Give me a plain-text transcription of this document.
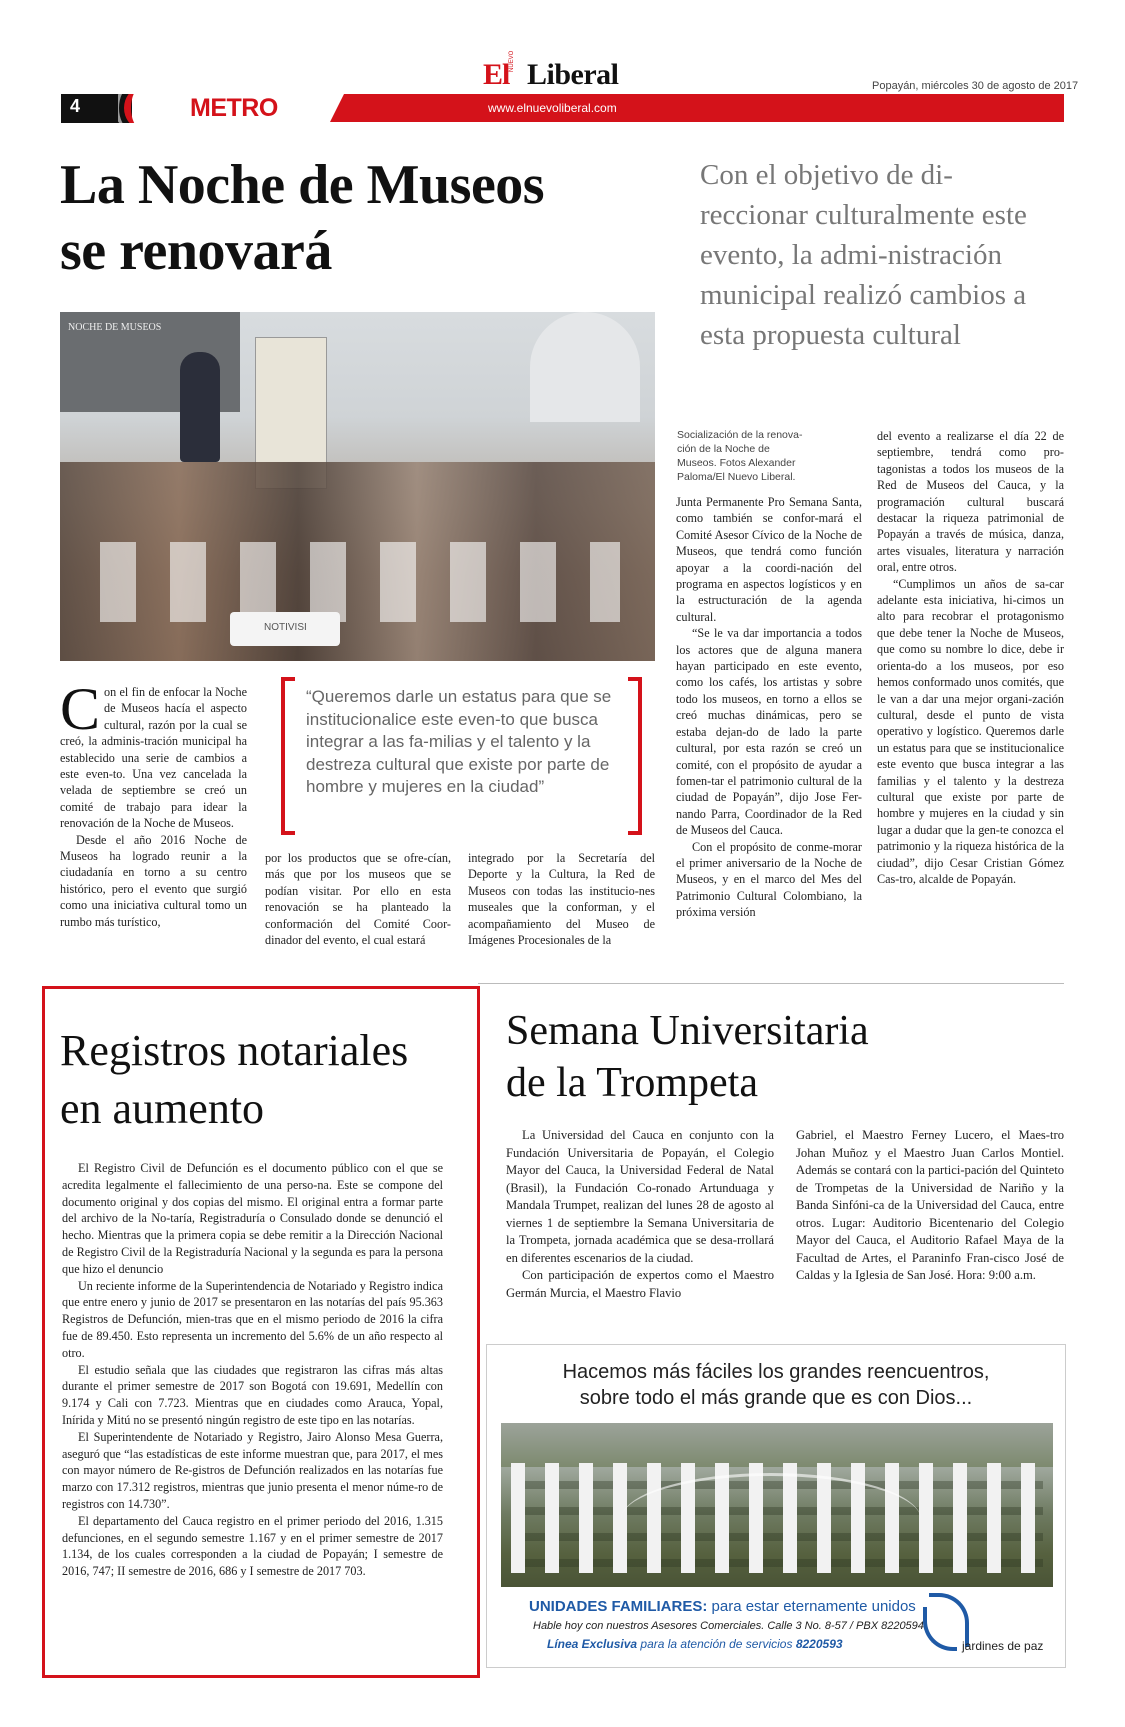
El NUEVO Liberal	Popayán, miércoles 30 de agosto de 2017
4	METRO	www.elnuevoliberal.com
La Noche de Museos
se renovará
Con el objetivo de di-reccionar culturalmente este evento, la admi-nistración municipal realizó cambios a esta propuesta cultural
NOCHE DE MUSEOS
NOTIVISI
Socialización de la renova-ción de la Noche de Museos. Fotos Alexander Paloma/El Nuevo Liberal.
C on el fin de enfocar la Noche de Museos hacía el aspecto cultural, razón por la cual se creó, la adminis-tración municipal ha establecido una serie de cambios a este even-to. Una vez cancelada la velada de septiembre se creó un comité de trabajo para idear la renovación de la Noche de Museos.

Desde el año 2016 Noche de Museos ha logrado reunir a la ciudadanía en torno a su centro histórico, pero el evento que surgió como una iniciativa cultural tomo un rumbo más turístico,

“Queremos darle un estatus para que se institucionalice este even-to que busca integrar a las fa-milias y el talento y la destreza cultural que existe por parte de hombre y mujeres en la ciudad”

por los productos que se ofre-cían, más que por los museos que se podían visitar. Por ello en esta renovación se ha planteado la conformación del Comité Coor-dinador del evento, el cual estará

integrado por la Secretaría del Deporte y la Cultura, la Red de Museos con todas las institucio-nes museales que la conforman, y el acompañamiento del Museo de Imágenes Procesionales de la

Junta Permanente Pro Semana Santa, como también se confor-mará el Comité Asesor Cívico de la Noche de Museos, que tendrá como función apoyar a la coordi-nación del programa en aspectos logísticos y en la estructuración de la agenda cultural.

“Se le va dar importancia a todos los actores que de alguna manera hayan participado en este evento, como los cafés, los artistas y sobre todo los museos, en torno a ellos se creó muchas dinámicas, pero se estaba dejan-do de lado la parte cultural, por esta razón se creó un comité, con el propósito de ayudar a fomen-tar el patrimonio cultural de la ciudad de Popayán”, dijo Jose Fer-nando Parra, Coordinador de la Red de Museos del Cauca.

Con el propósito de conme-morar el primer aniversario de la Noche de Museos, y en el marco del Mes del Patrimonio Cultural Colombiano, la próxima versión

del evento a realizarse el día 22 de septiembre, tendrá como pro-tagonistas a todos los museos de la Red de Museos del Cauca, y la programación cultural buscará destacar la riqueza patrimonial de Popayán a través de música, danza, artes visuales, literatura y narración oral, entre otros.

“Cumplimos un años de sa-car adelante esta iniciativa, hi-cimos un alto para recobrar el protagonismo que debe tener la Noche de Museos, que como su nombre lo dice, debe ir orienta-do a los museos, por eso hemos conformado unos comités, que le van a dar una mejor organi-zación cultural, desde el punto de vista operativo y logístico. Queremos darle un estatus para que se institucionalice este evento que busca integrar a las familias y el talento y la destreza cultural que existe por parte de hombre y mujeres en la ciudad y sin lugar a dudar que la gen-te conozca el patrimonio y la riqueza histórica de la ciudad”, dijo Cesar Cristian Gómez Cas-tro, alcalde de Popayán.

Registros notariales
en aumento

El Registro Civil de Defunción es el documento público con el que se acredita legalmente el fallecimiento de una perso-na. Este se compone del documento original y dos copias del mismo. El original entra a formar parte del archivo de la No-taría, Registraduría o Consulado donde se denunció el hecho. Mientras que la primera copia se debe remitir a la Dirección Nacional de Registro Civil de la Registraduría Nacional y la segunda es para la persona que hizo el denuncio

Un reciente informe de la Superintendencia de Notariado y Registro indica que entre enero y junio de 2017 se presentaron en las notarías del país 95.363 Registros de Defunción, mien-tras que en el mismo periodo de 2016 la cifra fue de 89.450. Esto representa un incremento del 5.6% de un año respecto al otro.

El estudio señala que las ciudades que registraron las cifras más altas durante el primer semestre de 2017 son Bogotá con 19.691, Medellín con 9.174 y Cali con 7.723. Mientras que en ciudades como Arauca, Yopal, Inírida y Mitú no se presentó ningún registro de este tipo en las notarías.

El Superintendente de Notariado y Registro, Jairo Alonso Mesa Guerra, aseguró que “las estadísticas de este informe muestran que, para 2017, el mes con mayor número de Re-gistros de Defunción realizados en las notarías fue marzo con 17.312 registros, mientras que junio presenta el menor núme-ro de registros con 14.730”.

El departamento del Cauca registro en el primer periodo del 2016, 1.315 defunciones, en el segundo semestre 1.167 y en el primer semestre de 2017 1.134, de los cuales corresponden a la ciudad de Popayán; I semestre de 2016, 747; II semestre de 2016, 686 y I semestre de 2017 703.

Semana Universitaria
de la Trompeta

La Universidad del Cauca en conjunto con la Fundación Universitaria de Popayán, el Colegio Mayor del Cauca, la Universidad Federal de Natal (Brasil), la Fundación Co-ronado Artunduaga y Mandala Trumpet, realizan del lunes 28 de agosto al viernes 1 de septiembre la Semana Universitaria de la Trompeta, jornada académica que se desa-rrollará en diferentes escenarios de la ciudad.

Con participación de expertos como el Maestro Germán Murcia, el Maestro Flavio

Gabriel, el Maestro Ferney Lucero, el Maes-tro Johan Muñoz y el Maestro Juan Carlos Montiel. Además se contará con la partici-pación del Quinteto de Trompetas de la Universidad de Nariño y la Banda Sinfóni-ca de la Universidad del Cauca, entre otros. Lugar: Auditorio Bicentenario del Colegio Mayor del Cauca, el Auditorio Rafael Maya de la Facultad de Artes, el Paraninfo Fran-cisco José de Caldas y la Iglesia de San José. Hora: 9:00 a.m.

Hacemos más fáciles los grandes reencuentros,
sobre todo el más grande que es con Dios...
UNIDADES FAMILIARES: para estar eternamente unidos
Hable hoy con nuestros Asesores Comerciales. Calle 3 No. 8-57 / PBX 8220594
Línea Exclusiva para la atención de servicios 8220593	jardines de paz
